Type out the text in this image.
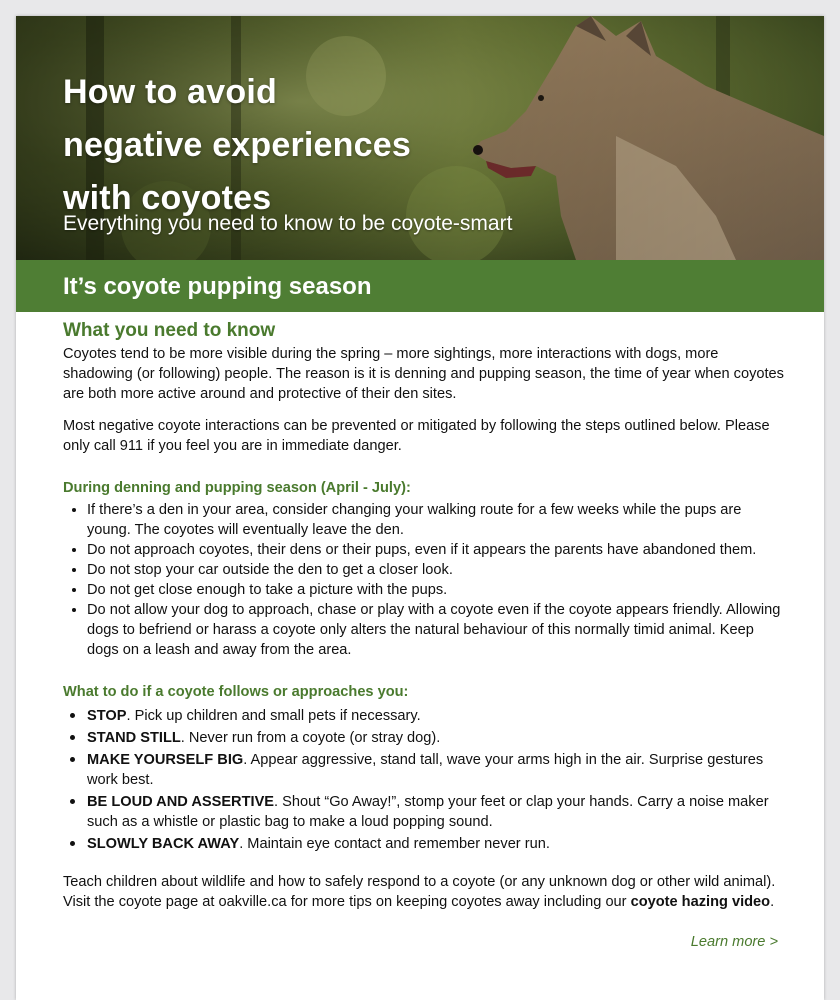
How to avoid
negative experiences
with coyotes
Everything you need to know to be coyote-smart
It’s coyote pupping season
What you need to know

Coyotes tend to be more visible during the spring – more sightings, more interactions with dogs, more shadowing (or following) people. The reason is it is denning and pupping season, the time of year when coyotes are both more active around and protective of their den sites.

Most negative coyote interactions can be prevented or mitigated by following the steps outlined below. Please only call 911 if you feel you are in immediate danger.

During denning and pupping season (April - July):
• If there’s a den in your area, consider changing your walking route for a few weeks while the pups are young. The coyotes will eventually leave the den.
• Do not approach coyotes, their dens or their pups, even if it appears the parents have abandoned them.
• Do not stop your car outside the den to get a closer look.
• Do not get close enough to take a picture with the pups.
• Do not allow your dog to approach, chase or play with a coyote even if the coyote appears friendly. Allowing dogs to befriend or harass a coyote only alters the natural behaviour of this normally timid animal. Keep dogs on a leash and away from the area.
What to do if a coyote follows or approaches you:
• STOP. Pick up children and small pets if necessary.
• STAND STILL. Never run from a coyote (or stray dog).
• MAKE YOURSELF BIG. Appear aggressive, stand tall, wave your arms high in the air. Surprise gestures work best.
• BE LOUD AND ASSERTIVE. Shout “Go Away!”, stomp your feet or clap your hands. Carry a noise maker such as a whistle or plastic bag to make a loud popping sound.
• SLOWLY BACK AWAY. Maintain eye contact and remember never run.

Teach children about wildlife and how to safely respond to a coyote (or any unknown dog or other wild animal). Visit the coyote page at oakville.ca for more tips on keeping coyotes away including our coyote hazing video.

Learn more >
